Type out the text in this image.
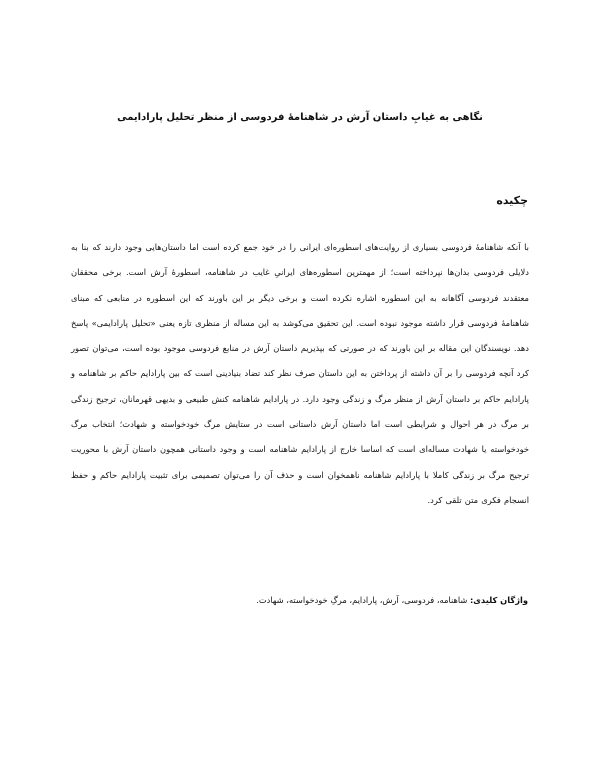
نگاهی به غیابِ داستان آرش در شاهنامۀ فردوسی از منظر تحلیل پارادایمی
چکیده
با آنکه شاهنامۀ فردوسی بسیاری از روایت‌های اسطوره‌ای ایرانی را در خود جمع کرده است اما داستان‌هایی وجود دارند که بنا به دلایلی فردوسی بدان‌ها نپرداخته است؛ از مهمترین اسطوره‌های ایرانیِ غایب در شاهنامه، اسطورۀ آرش است. برخی محققان معتقدند فردوسی آگاهانه به این اسطوره اشاره نکرده است و برخی دیگر بر این باورند که این اسطوره در منابعی که مبنای شاهنامۀ فردوسی قرار داشته موجود نبوده است. این تحقیق می‌کوشد به این مساله از منظری تازه یعنی «تحلیل پارادایمی» پاسخ دهد. نویسندگان این مقاله بر این باورند که در صورتی که بپذیریم داستان آرش در منابع فردوسی موجود بوده است، می‌توان تصور کرد آنچه فردوسی را بر آن داشته از پرداختن به این داستان صرف نظر کند تضاد بنیادینی است که بین پارادایم حاکم بر شاهنامه و پارادایم حاکم بر داستان آرش از منظر مرگ و زندگی وجود دارد. در پارادایم شاهنامه کنش طبیعی و بدیهی قهرمانان، ترجیح زندگی بر مرگ در هر احوال و شرایطی است اما داستان آرش داستانی است در ستایش مرگ خودخواسته و شهادت؛ انتخاب مرگ خودخواسته یا شهادت مساله‌ای است که اساسا خارج از پارادایم شاهنامه است و وجود داستانی همچون داستان آرش با محوریت ترجیح مرگ بر زندگی کاملا با پارادایم شاهنامه ناهمخوان است و حذف آن را می‌توان تصمیمی برای تثبیت پارادایم حاکم و حفظ انسجام فکری متن تلقی کرد.
واژگان کلیدی: شاهنامه، فردوسی، آرش، پارادایم، مرگِ خودخواسته، شهادت.
